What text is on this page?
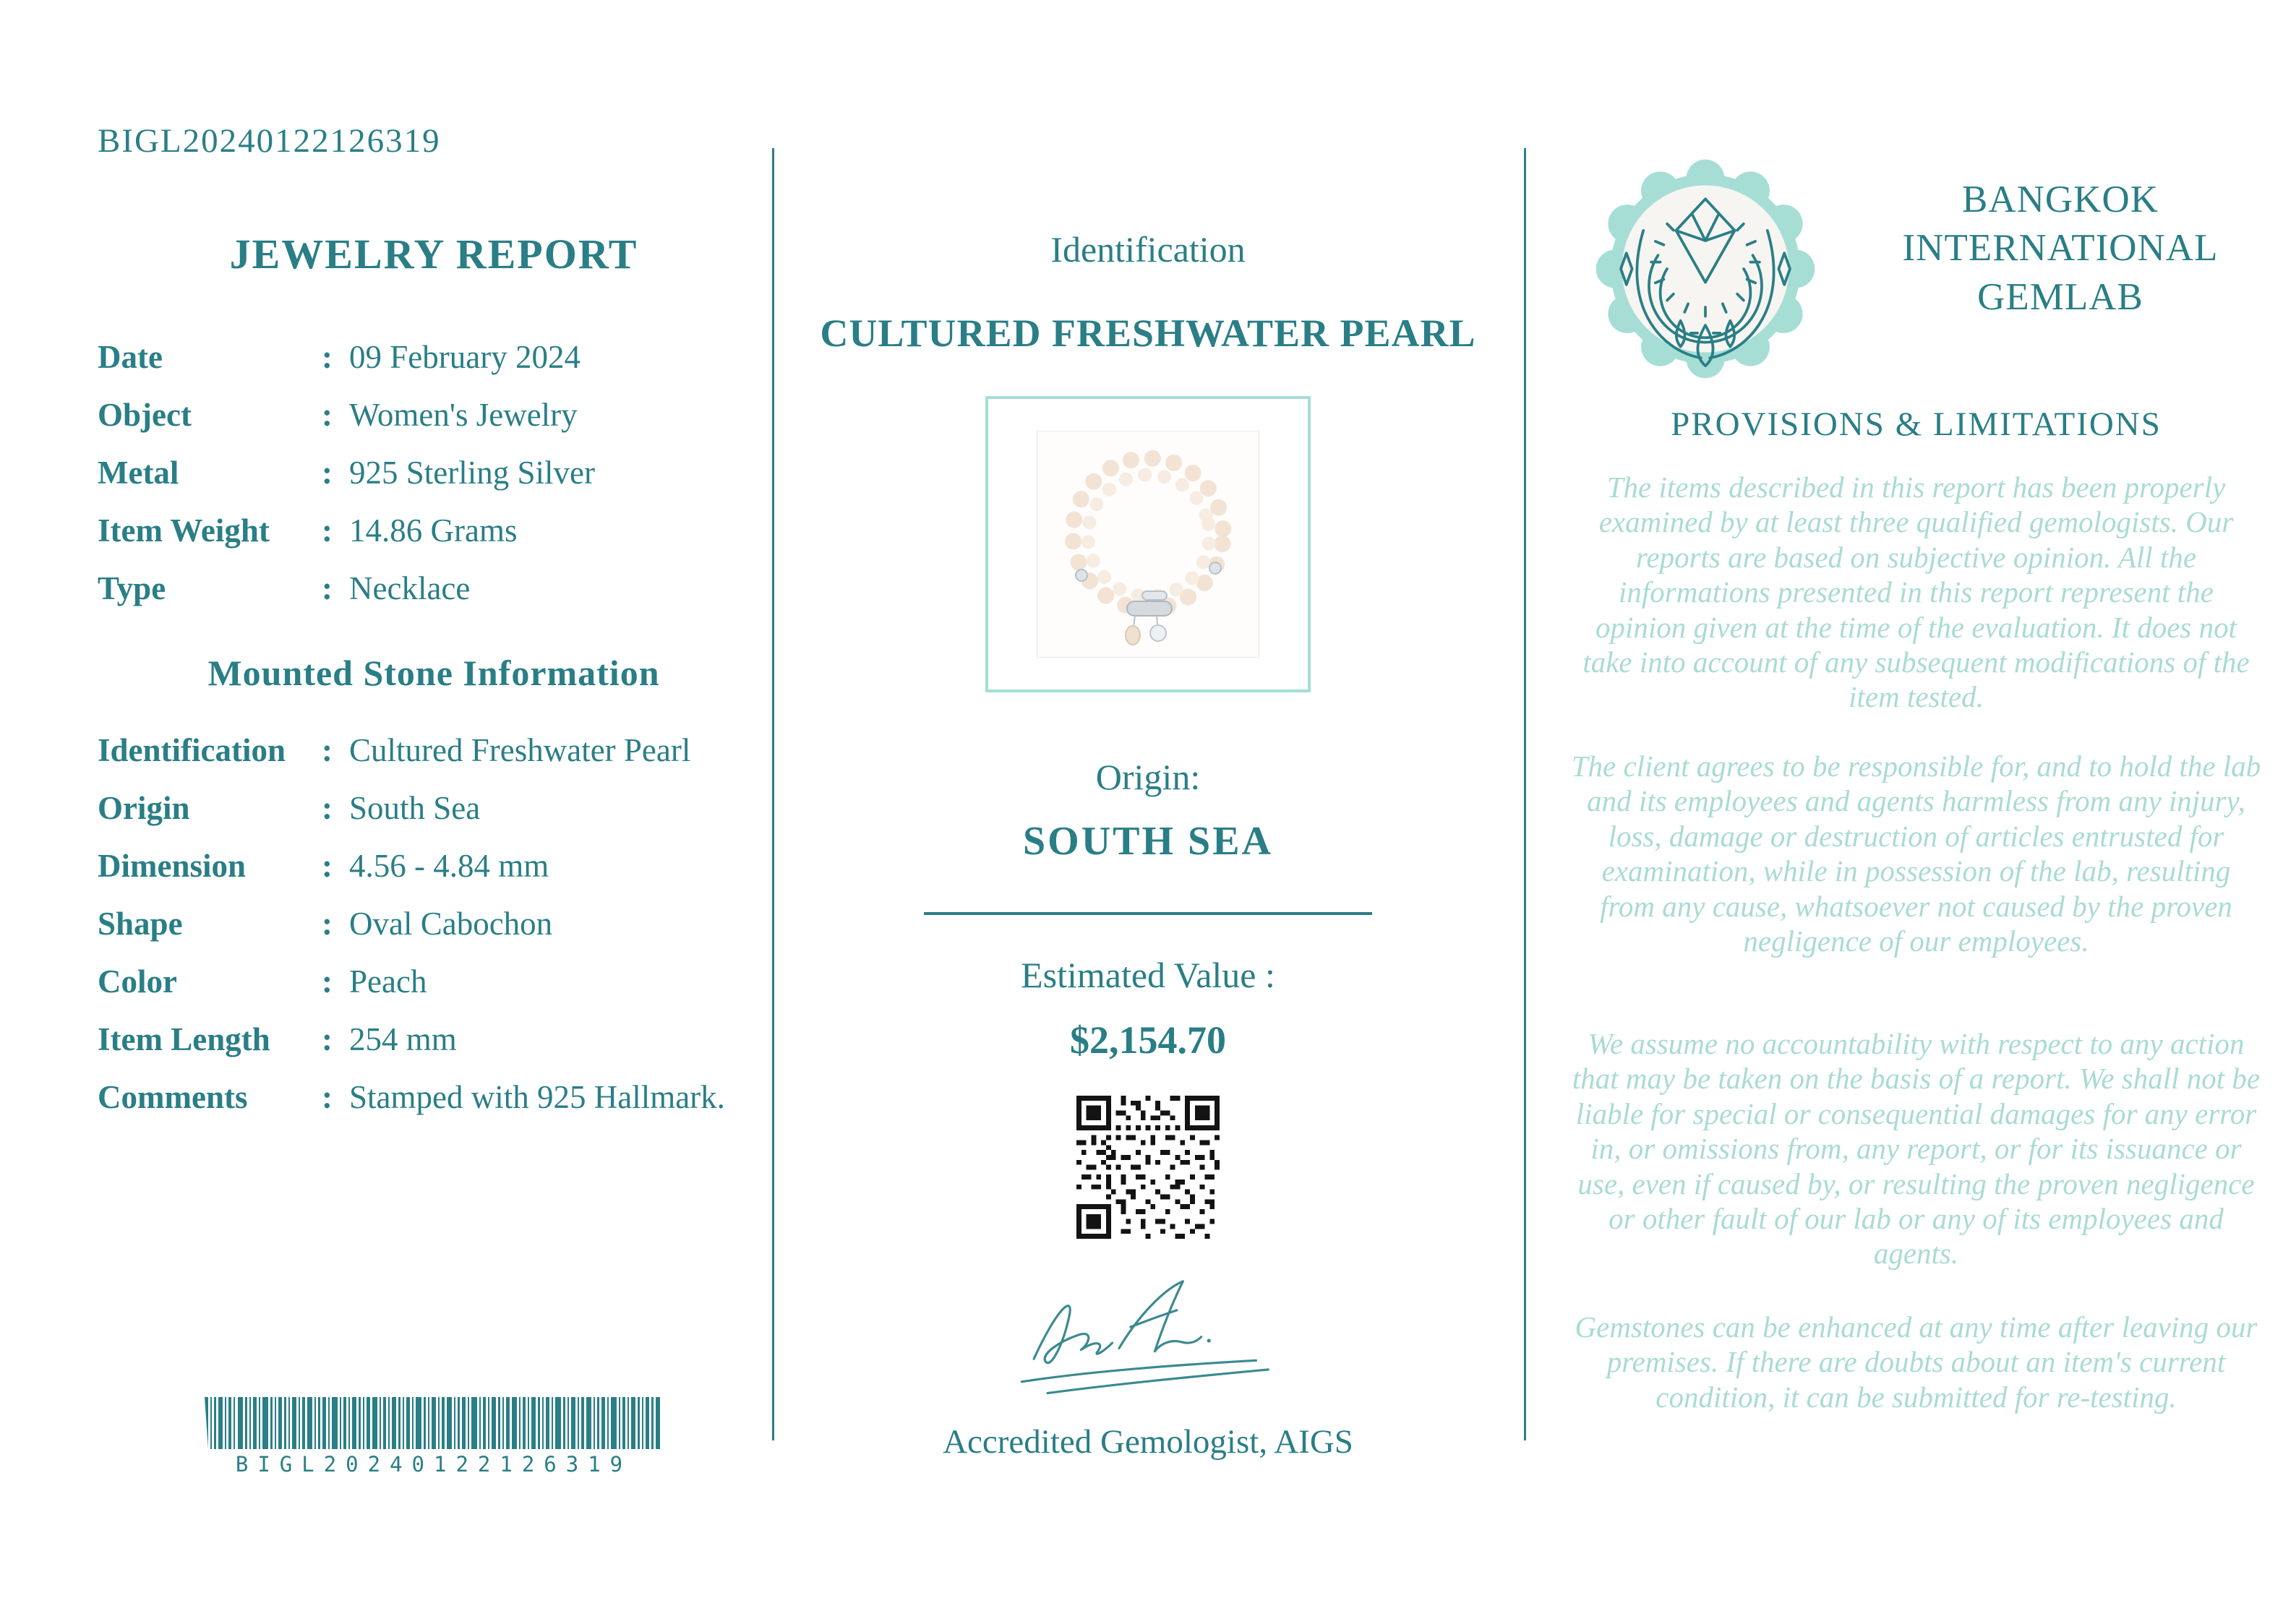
BIGL20240122126319
JEWELRY REPORT
Date	: 09 February 2024
Object	: Women's Jewelry
Metal	: 925 Sterling Silver
Item Weight	: 14.86 Grams
Type	: Necklace
Mounted Stone Information
Identification	: Cultured Freshwater Pearl
Origin	: South Sea
Dimension	: 4.56 - 4.84 mm
Shape	: Oval Cabochon
Color	: Peach
Item Length	: 254 mm
Comments	: Stamped with 925 Hallmark.
BIGL20240122126319
Identification
CULTURED FRESHWATER PEARL
Origin:
SOUTH SEA
Estimated Value :
$2,154.70
Accredited Gemologist, AIGS
BANGKOK INTERNATIONAL GEMLAB
PROVISIONS & LIMITATIONS
The items described in this report has been properly examined by at least three qualified gemologists. Our reports are based on subjective opinion. All the informations presented in this report represent the opinion given at the time of the evaluation. It does not take into account of any subsequent modifications of the item tested.
The client agrees to be responsible for, and to hold the lab and its employees and agents harmless from any injury, loss, damage or destruction of articles entrusted for examination, while in possession of the lab, resulting from any cause, whatsoever not caused by the proven negligence of our employees.
We assume no accountability with respect to any action that may be taken on the basis of a report. We shall not be liable for special or consequential damages for any error in, or omissions from, any report, or for its issuance or use, even if caused by, or resulting the proven negligence or other fault of our lab or any of its employees and agents.
Gemstones can be enhanced at any time after leaving our premises. If there are doubts about an item's current condition, it can be submitted for re-testing.
